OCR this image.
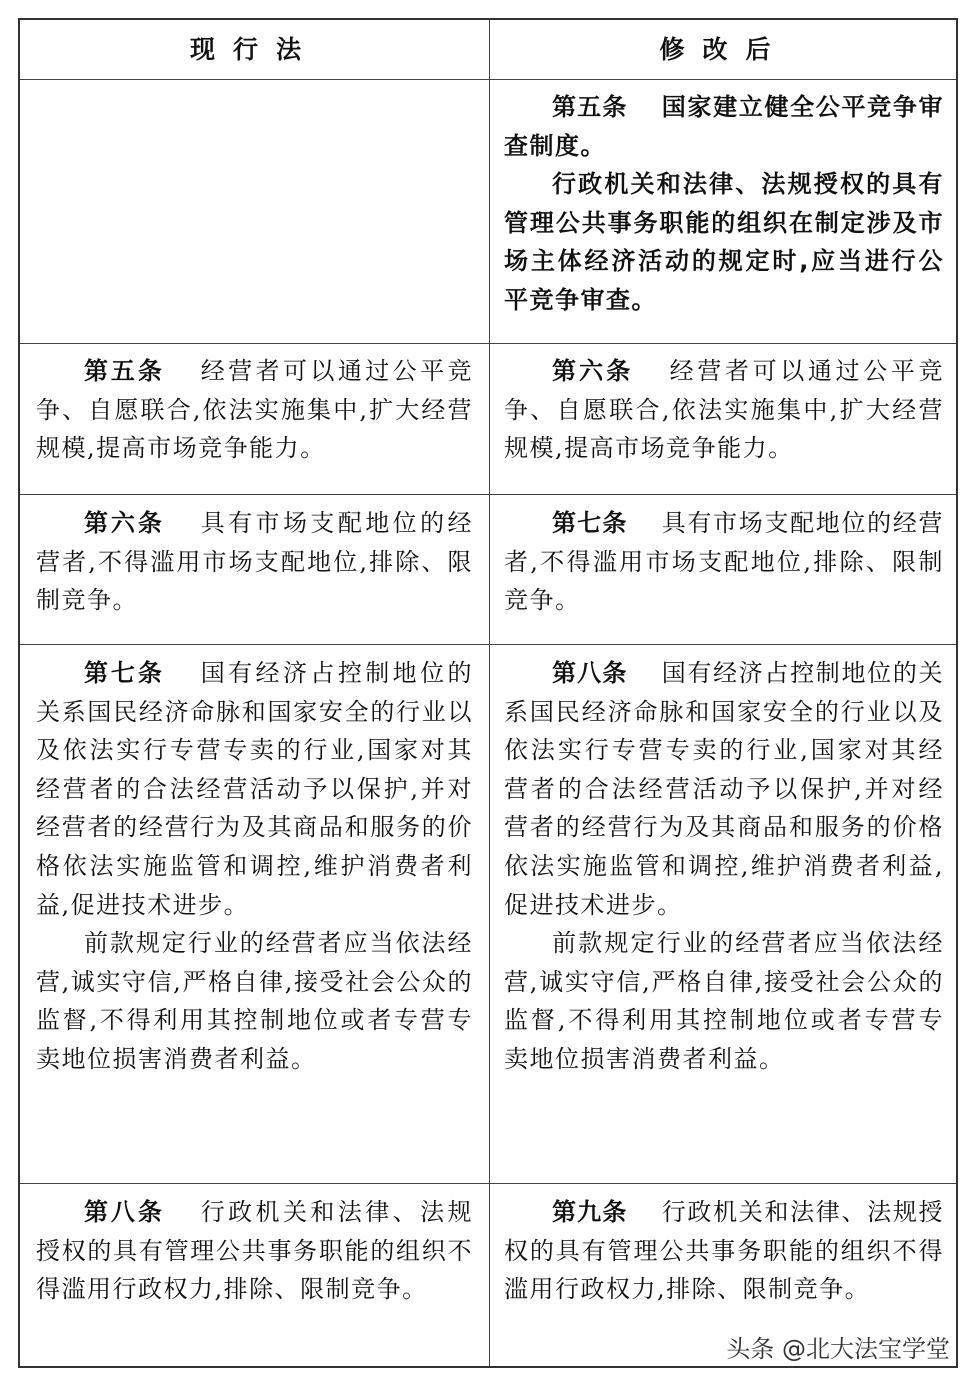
现行法	修改后

第五条 国家建立健全公平竞争审查制度。

行政机关和法律、法规授权的具有管理公共事务职能的组织在制定涉及市场主体经济活动的规定时,应当进行公平竞争审查。

第五条 经营者可以通过公平竞争、自愿联合,依法实施集中,扩大经营规模,提高市场竞争能力。

第六条 经营者可以通过公平竞争、自愿联合,依法实施集中,扩大经营规模,提高市场竞争能力。

第六条 具有市场支配地位的经营者,不得滥用市场支配地位,排除、限制竞争。

第七条 具有市场支配地位的经营者,不得滥用市场支配地位,排除、限制竞争。

第七条 国有经济占控制地位的关系国民经济命脉和国家安全的行业以及依法实行专营专卖的行业,国家对其经营者的合法经营活动予以保护,并对经营者的经营行为及其商品和服务的价格依法实施监管和调控,维护消费者利益,促进技术进步。

前款规定行业的经营者应当依法经营,诚实守信,严格自律,接受社会公众的监督,不得利用其控制地位或者专营专卖地位损害消费者利益。

第八条 国有经济占控制地位的关系国民经济命脉和国家安全的行业以及依法实行专营专卖的行业,国家对其经营者的合法经营活动予以保护,并对经营者的经营行为及其商品和服务的价格依法实施监管和调控,维护消费者利益,促进技术进步。

前款规定行业的经营者应当依法经营,诚实守信,严格自律,接受社会公众的监督,不得利用其控制地位或者专营专卖地位损害消费者利益。

第八条 行政机关和法律、法规授权的具有管理公共事务职能的组织不得滥用行政权力,排除、限制竞争。

第九条 行政机关和法律、法规授权的具有管理公共事务职能的组织不得滥用行政权力,排除、限制竞争。

头条 @北大法宝学堂
